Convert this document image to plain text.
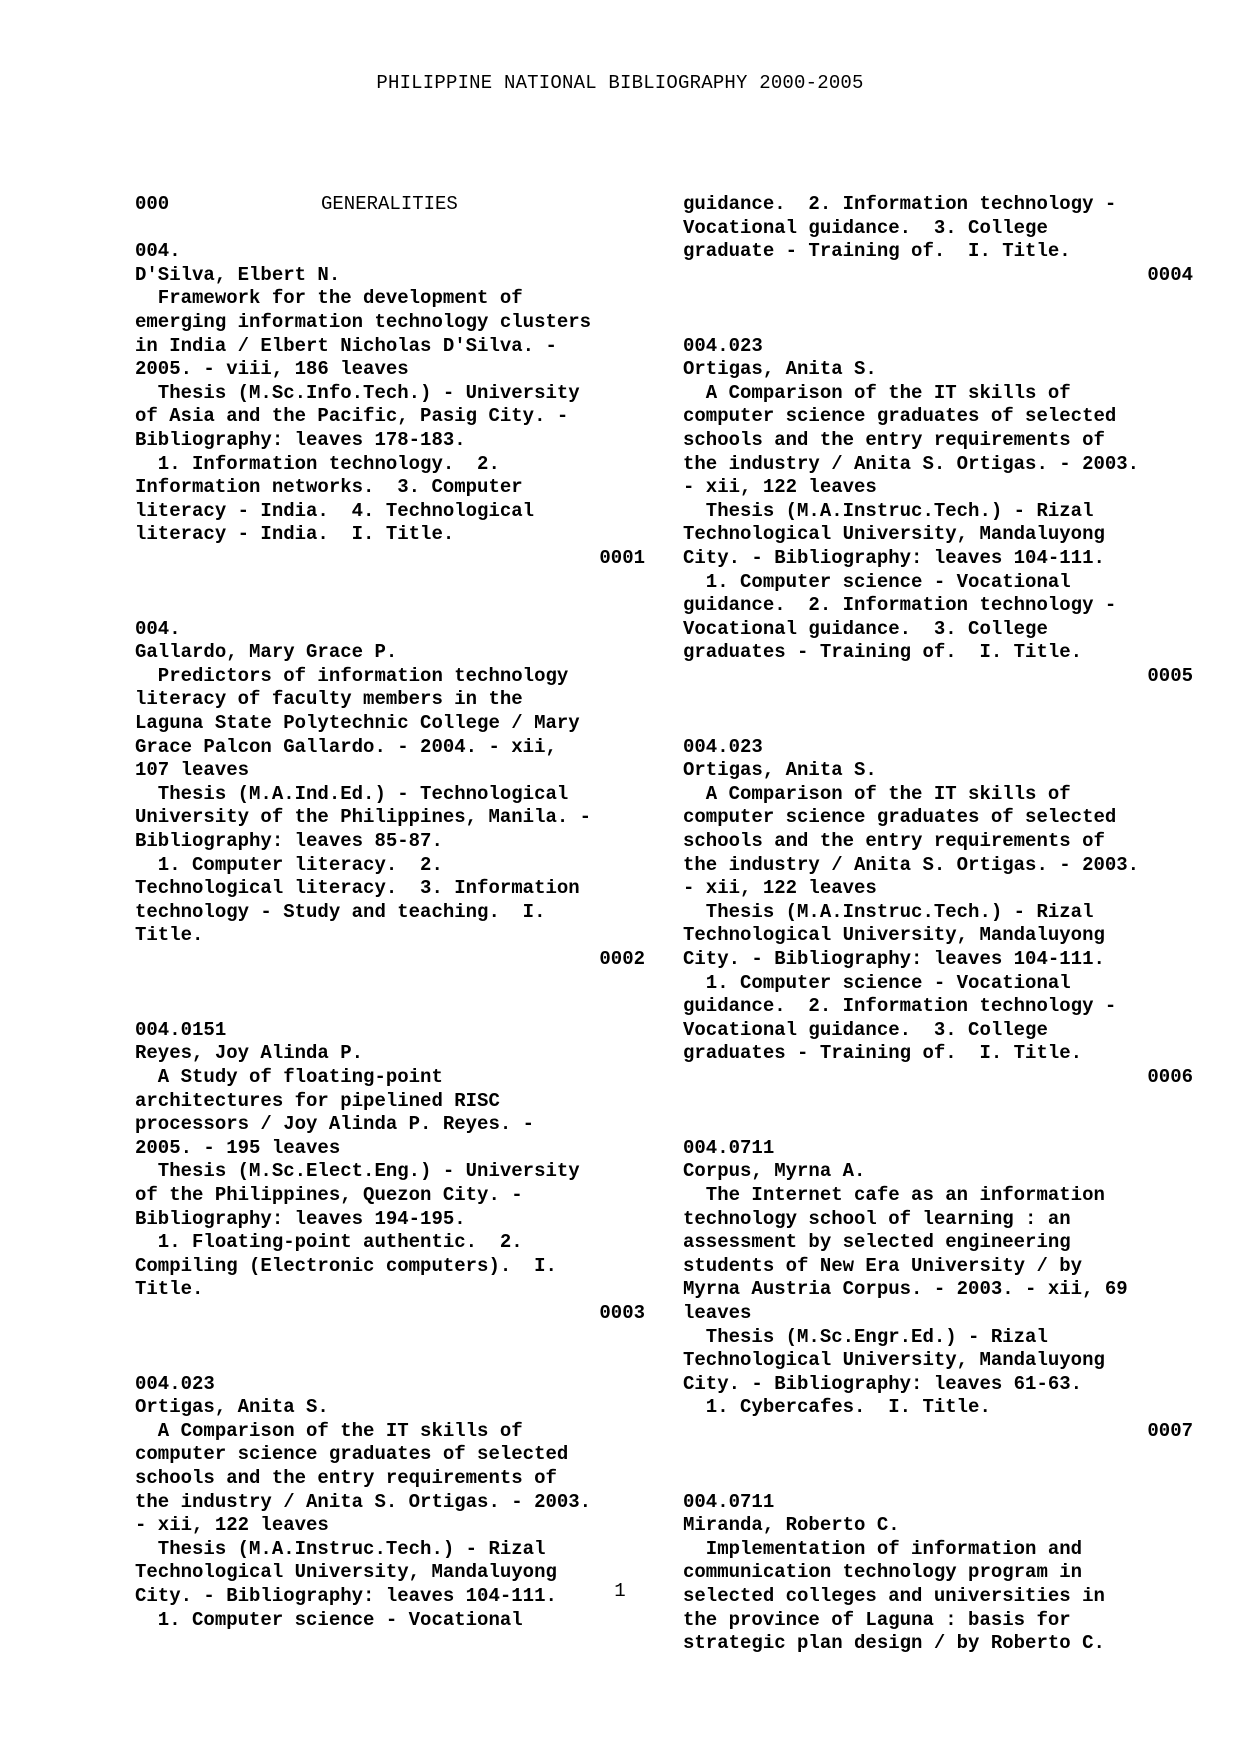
PHILIPPINE NATIONAL BIBLIOGRAPHY 2000-2005
000	GENERALITIES
004.
D'Silva, Elbert N.
Framework for the development of
emerging information technology clusters
in India / Elbert Nicholas D'Silva. -
2005. - viii, 186 leaves
Thesis (M.Sc.Info.Tech.) - University
of Asia and the Pacific, Pasig City. -
Bibliography: leaves 178-183.
1. Information technology.  2.
Information networks.  3. Computer
literacy - India.  4. Technological
literacy - India.  I. Title.
0001
004.
Gallardo, Mary Grace P.
Predictors of information technology
literacy of faculty members in the
Laguna State Polytechnic College / Mary
Grace Palcon Gallardo. - 2004. - xii,
107 leaves
Thesis (M.A.Ind.Ed.) - Technological
University of the Philippines, Manila. -
Bibliography: leaves 85-87.
1. Computer literacy.  2.
Technological literacy.  3. Information
technology - Study and teaching.  I.
Title.
0002
004.0151
Reyes, Joy Alinda P.
A Study of floating-point
architectures for pipelined RISC
processors / Joy Alinda P. Reyes. -
2005. - 195 leaves
Thesis (M.Sc.Elect.Eng.) - University
of the Philippines, Quezon City. -
Bibliography: leaves 194-195.
1. Floating-point authentic.  2.
Compiling (Electronic computers).  I.
Title.
0003
004.023
Ortigas, Anita S.
A Comparison of the IT skills of
computer science graduates of selected
schools and the entry requirements of
the industry / Anita S. Ortigas. - 2003.
- xii, 122 leaves
Thesis (M.A.Instruc.Tech.) - Rizal
Technological University, Mandaluyong
City. - Bibliography: leaves 104-111.
1. Computer science - Vocational
guidance.  2. Information technology -
Vocational guidance.  3. College
graduate - Training of.  I. Title.
0004
004.023
Ortigas, Anita S.
A Comparison of the IT skills of
computer science graduates of selected
schools and the entry requirements of
the industry / Anita S. Ortigas. - 2003.
- xii, 122 leaves
Thesis (M.A.Instruc.Tech.) - Rizal
Technological University, Mandaluyong
City. - Bibliography: leaves 104-111.
1. Computer science - Vocational
guidance.  2. Information technology -
Vocational guidance.  3. College
graduates - Training of.  I. Title.
0005
004.023
Ortigas, Anita S.
A Comparison of the IT skills of
computer science graduates of selected
schools and the entry requirements of
the industry / Anita S. Ortigas. - 2003.
- xii, 122 leaves
Thesis (M.A.Instruc.Tech.) - Rizal
Technological University, Mandaluyong
City. - Bibliography: leaves 104-111.
1. Computer science - Vocational
guidance.  2. Information technology -
Vocational guidance.  3. College
graduates - Training of.  I. Title.
0006
004.0711
Corpus, Myrna A.
The Internet cafe as an information
technology school of learning : an
assessment by selected engineering
students of New Era University / by
Myrna Austria Corpus. - 2003. - xii, 69
leaves
Thesis (M.Sc.Engr.Ed.) - Rizal
Technological University, Mandaluyong
City. - Bibliography: leaves 61-63.
1. Cybercafes.  I. Title.
0007
004.0711
Miranda, Roberto C.
Implementation of information and
communication technology program in
selected colleges and universities in
the province of Laguna : basis for
strategic plan design / by Roberto C.
1
